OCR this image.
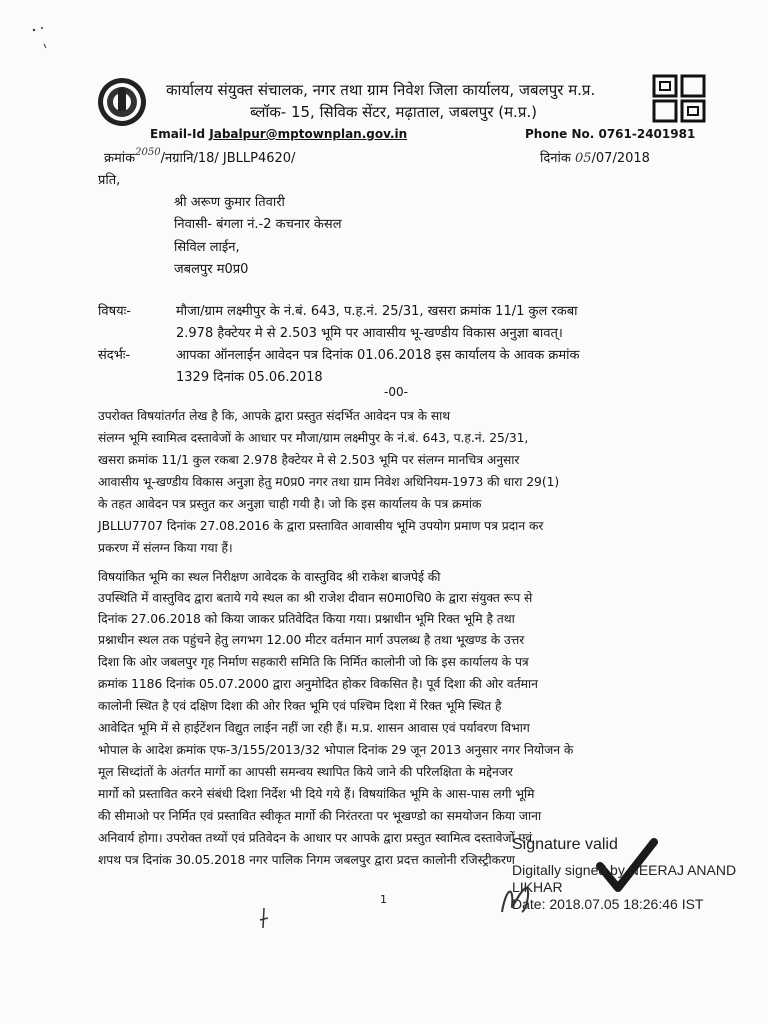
कार्यालय संयुक्त संचालक, नगर तथा ग्राम निवेश जिला कार्यालय, जबलपुर म.प्र.
ब्लॉक- 15, सिविक सेंटर, मढ़ाताल, जबलपुर (म.प्र.)
Email-Id Jabalpur@mptownplan.gov.in	Phone No. 0761-2401981
क्रमांक$^{2050}$/नग्रानि/18/ JBLLP4620/	दिनांक 05/07/2018
प्रति,
श्री अरूण कुमार तिवारी
निवासी- बंगला नं.-2 कचनार केसल
सिविल लाईन,
जबलपुर म0प्र0
विषयः-	मौजा/ग्राम लक्ष्मीपुर के नं.बं. 643, प.ह.नं. 25/31, खसरा क्रमांक 11/1 कुल रकबा
2.978 हैक्टेयर मे से 2.503 भूमि पर आवासीय भू-खण्डीय विकास अनुज्ञा बावत्।
संदर्भः-	आपका ऑनलाईन आवेदन पत्र दिनांक 01.06.2018 इस कार्यालय के आवक क्रमांक
1329 दिनांक 05.06.2018
-00-
उपरोक्त विषयांतर्गत लेख है कि, आपके द्वारा प्रस्तुत संदर्भित आवेदन पत्र के साथ
संलग्न भूमि स्वामित्व दस्तावेजों के आधार पर मौजा/ग्राम लक्ष्मीपुर के नं.बं. 643, प.ह.नं. 25/31,
खसरा क्रमांक 11/1 कुल रकबा 2.978 हैक्टेयर मे से 2.503 भूमि पर संलग्न मानचित्र अनुसार
आवासीय भू-खण्डीय विकास अनुज्ञा हेतु म0प्र0 नगर तथा ग्राम निवेश अधिनियम-1973 की धारा 29(1)
के तहत आवेदन पत्र प्रस्तुत कर अनुज्ञा चाही गयी है। जो कि इस कार्यालय के पत्र क्रमांक
JBLLU7707 दिनांक 27.08.2016 के द्वारा प्रस्तावित आवासीय भूमि उपयोग प्रमाण पत्र प्रदान कर
प्रकरण में संलग्न किया गया हैं।
विषयांकित भूमि का स्थल निरीक्षण आवेदक के वास्तुविद श्री राकेश बाजपेई की
उपस्थिति में वास्तुविद द्वारा बताये गये स्थल का श्री राजेश दीवान स0मा0चि0 के द्वारा संयुक्त रूप से
दिनांक 27.06.2018 को किया जाकर प्रतिवेदित किया गया। प्रश्नाधीन भूमि रिक्त भूमि है तथा
प्रश्नाधीन स्थल तक पहुंचने हेतु लगभग 12.00 मीटर वर्तमान मार्ग उपलब्ध है तथा भूखण्ड के उत्तर
दिशा कि ओर जबलपुर गृह निर्माण सहकारी समिति कि निर्मित कालोनी जो कि इस कार्यालय के पत्र
क्रमांक 1186 दिनांक 05.07.2000 द्वारा अनुमोदित होकर विकसित है। पूर्व दिशा की ओर वर्तमान
कालोनी स्थित है एवं दक्षिण दिशा की ओर रिक्त भूमि एवं पश्चिम दिशा में रिक्त भूमि स्थित है
आवेदित भूमि में से हाईटेंशन विद्युत लाईन नहीं जा रही हैं। म.प्र. शासन आवास एवं पर्यावरण विभाग
भोपाल के आदेश क्रमांक एफ-3/155/2013/32 भोपाल दिनांक 29 जून 2013 अनुसार नगर नियोजन के
मूल सिध्दांतों के अंतर्गत मार्गो का आपसी समन्वय स्थापित किये जाने की परिलक्षिता के मद्देनजर
मार्गो को प्रस्तावित करने संबंधी दिशा निर्देश भी दिये गये हैं। विषयांकित भूमि के आस-पास लगी भूमि
की सीमाओ पर निर्मित एवं प्रस्तावित स्वीकृत मार्गो की निरंतरता पर भूखण्डो का समयोजन किया जाना
अनिवार्य होगा। उपरोक्त तथ्यों एवं प्रतिवेदन के आधार पर आपके द्वारा प्रस्तुत स्वामित्व दस्तावेजों एवं
शपथ पत्र दिनांक 30.05.2018 नगर पालिक निगम जबलपुर द्वारा प्रदत्त कालोनी रजिस्ट्रीकरण
Signature valid
Digitally signed by NEERAJ ANAND
LIKHAR
Date: 2018.07.05 18:26:46 IST
1
